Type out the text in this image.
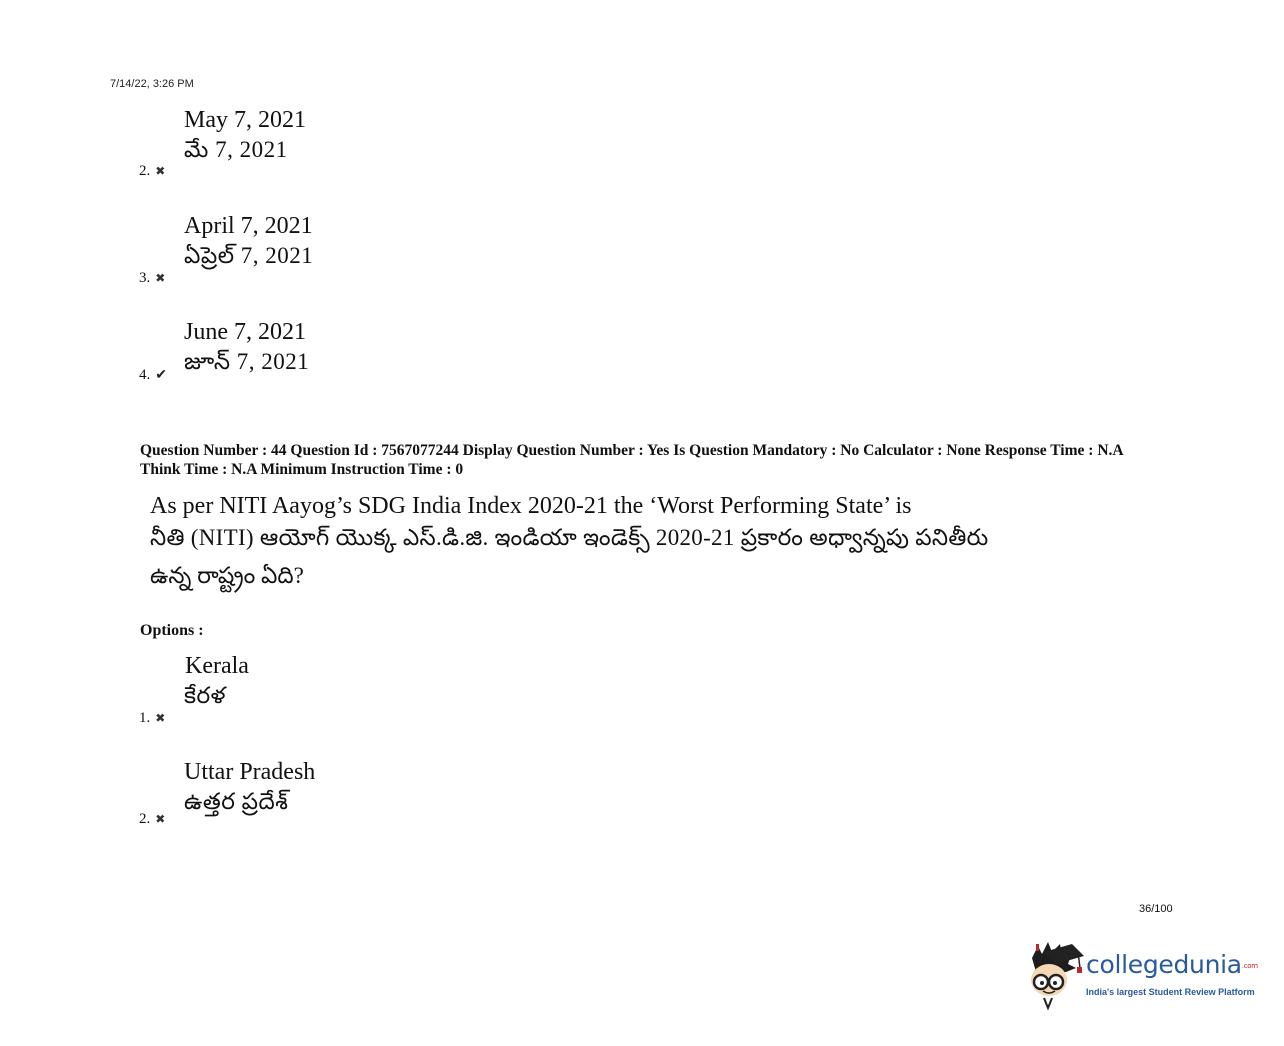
7/14/22, 3:26 PM
May 7, 2021
మే 7, 2021
2. ✖
April 7, 2021
ఏప్రెల్ 7, 2021
3. ✖
June 7, 2021
జూన్ 7, 2021
4. ✔
Question Number : 44 Question Id : 7567077244 Display Question Number : Yes Is Question Mandatory : No Calculator : None Response Time : N.A Think Time : N.A Minimum Instruction Time : 0
As per NITI Aayog’s SDG India Index 2020-21 the ‘Worst Performing State’ is
నీతి (NITI) ఆయోగ్ యొక్క ఎస్.డి.జి. ఇండియా ఇండెక్స్ 2020-21 ప్రకారం అధ్వాన్నపు పనితీరు
ఉన్న రాష్ట్రం ఏది?
Options :
Kerala
కేరళ
1. ✖
Uttar Pradesh
ఉత్తర ప్రదేశ్
2. ✖
36/100
collegedunia.com
India's largest Student Review Platform
